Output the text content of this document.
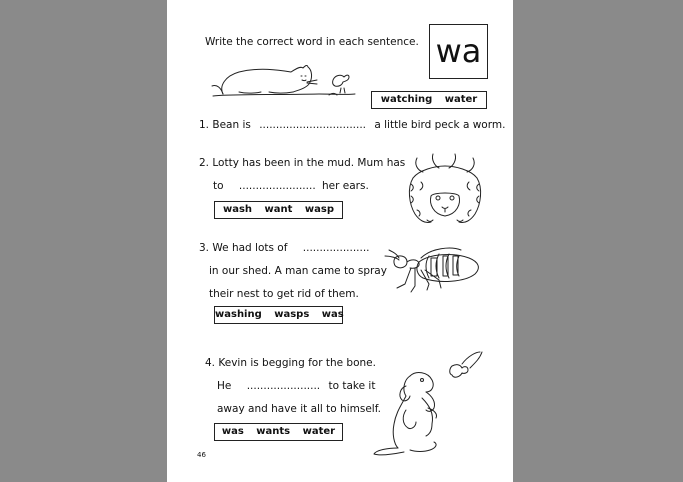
Write the correct word in each sentence. wa
watching water
1. Bean is ................................ a little bird peck a worm.
2. Lotty has been in the mud. Mum has
to ....................... her ears.
wash want wasp
3. We had lots of ....................
in our shed. A man came to spray
their nest to get rid of them.
washing wasps was
4. Kevin is begging for the bone.
He ...................... to take it
away and have it all to himself.
was wants water
46
